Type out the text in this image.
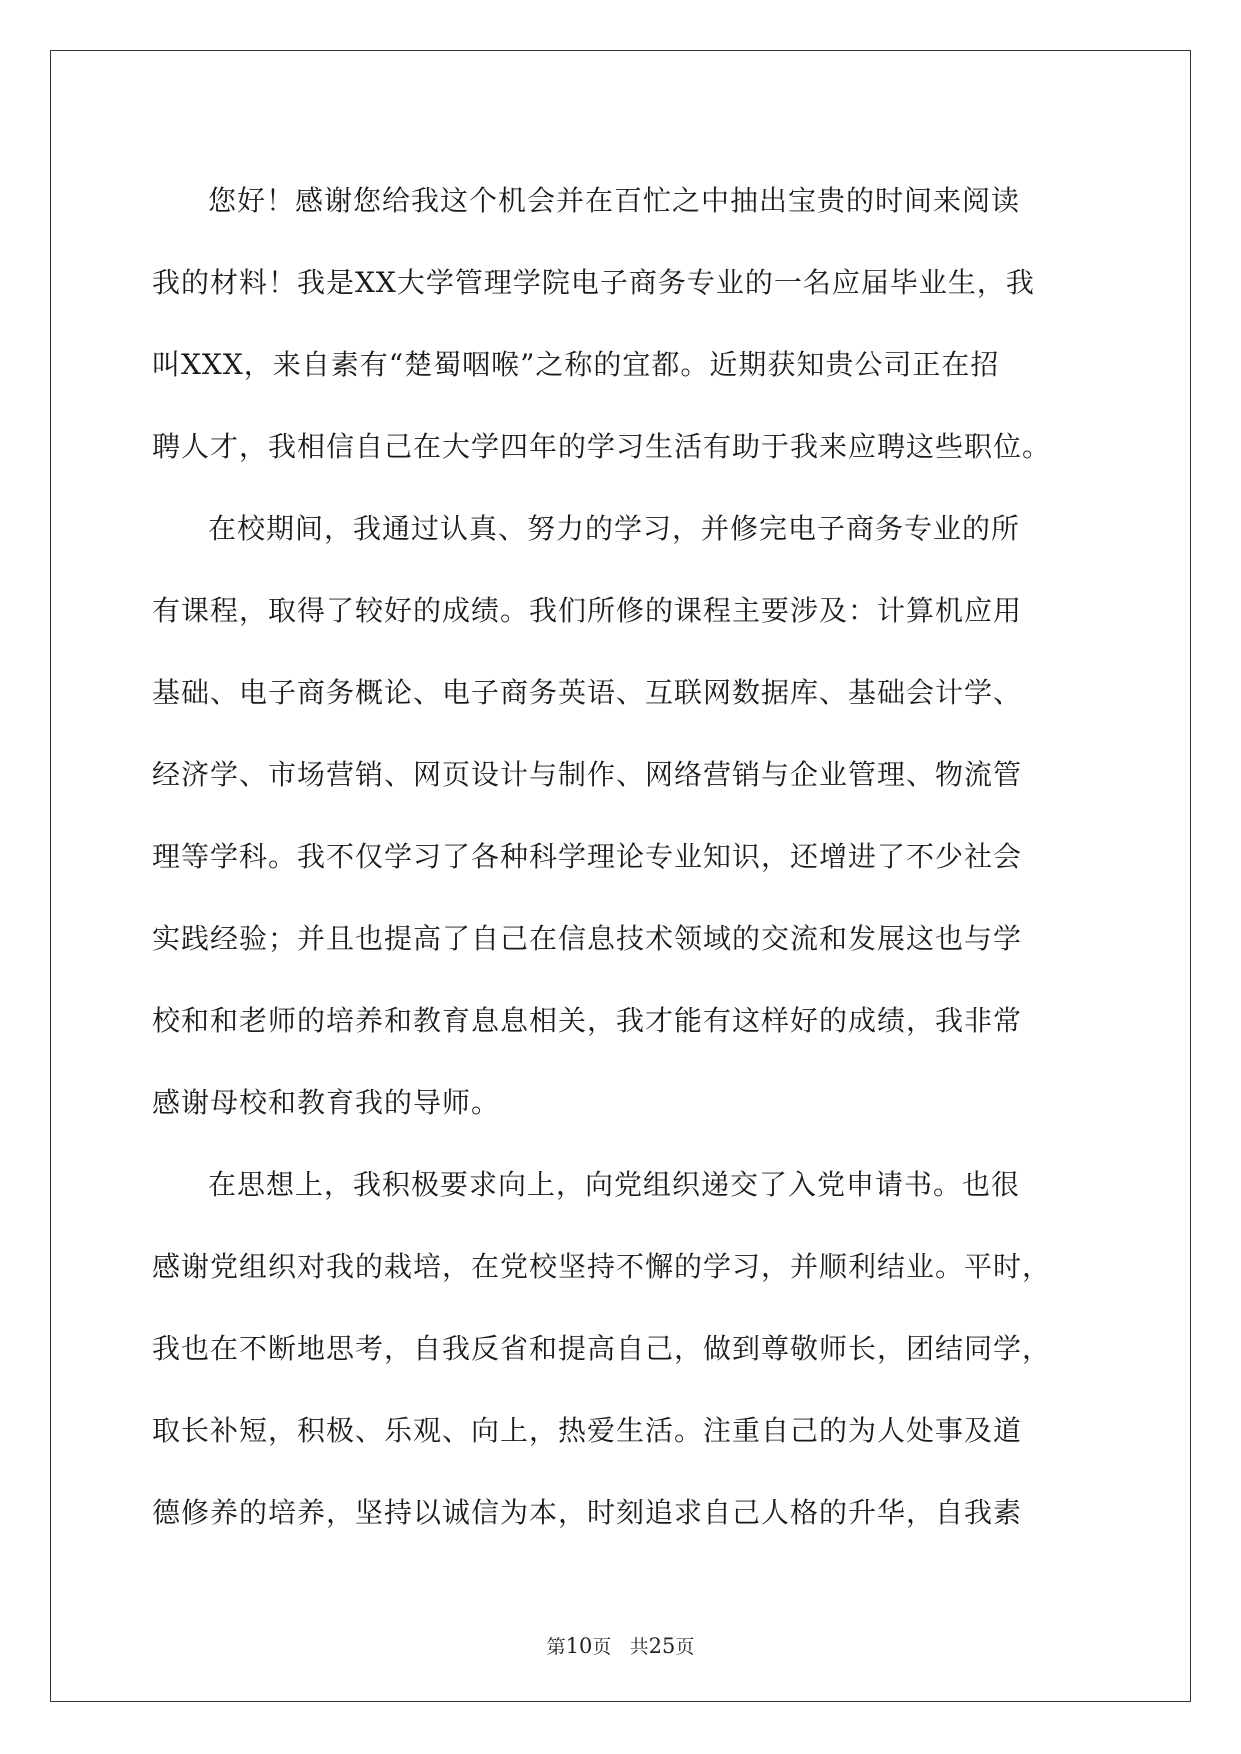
您好！感谢您给我这个机会并在百忙之中抽出宝贵的时间来阅读
我的材料！我是XX大学管理学院电子商务专业的一名应届毕业生，我
叫XXX，来自素有“楚蜀咽喉”之称的宜都。近期获知贵公司正在招
聘人才，我相信自己在大学四年的学习生活有助于我来应聘这些职位。
在校期间，我通过认真、努力的学习，并修完电子商务专业的所
有课程，取得了较好的成绩。我们所修的课程主要涉及：计算机应用
基础、电子商务概论、电子商务英语、互联网数据库、基础会计学、
经济学、市场营销、网页设计与制作、网络营销与企业管理、物流管
理等学科。我不仅学习了各种科学理论专业知识，还增进了不少社会
实践经验；并且也提高了自己在信息技术领域的交流和发展这也与学
校和和老师的培养和教育息息相关，我才能有这样好的成绩，我非常
感谢母校和教育我的导师。
在思想上，我积极要求向上，向党组织递交了入党申请书。也很
感谢党组织对我的栽培，在党校坚持不懈的学习，并顺利结业。平时，
我也在不断地思考，自我反省和提高自己，做到尊敬师长，团结同学，
取长补短，积极、乐观、向上，热爱生活。注重自己的为人处事及道
德修养的培养，坚持以诚信为本，时刻追求自己人格的升华，自我素
第10页 共25页
